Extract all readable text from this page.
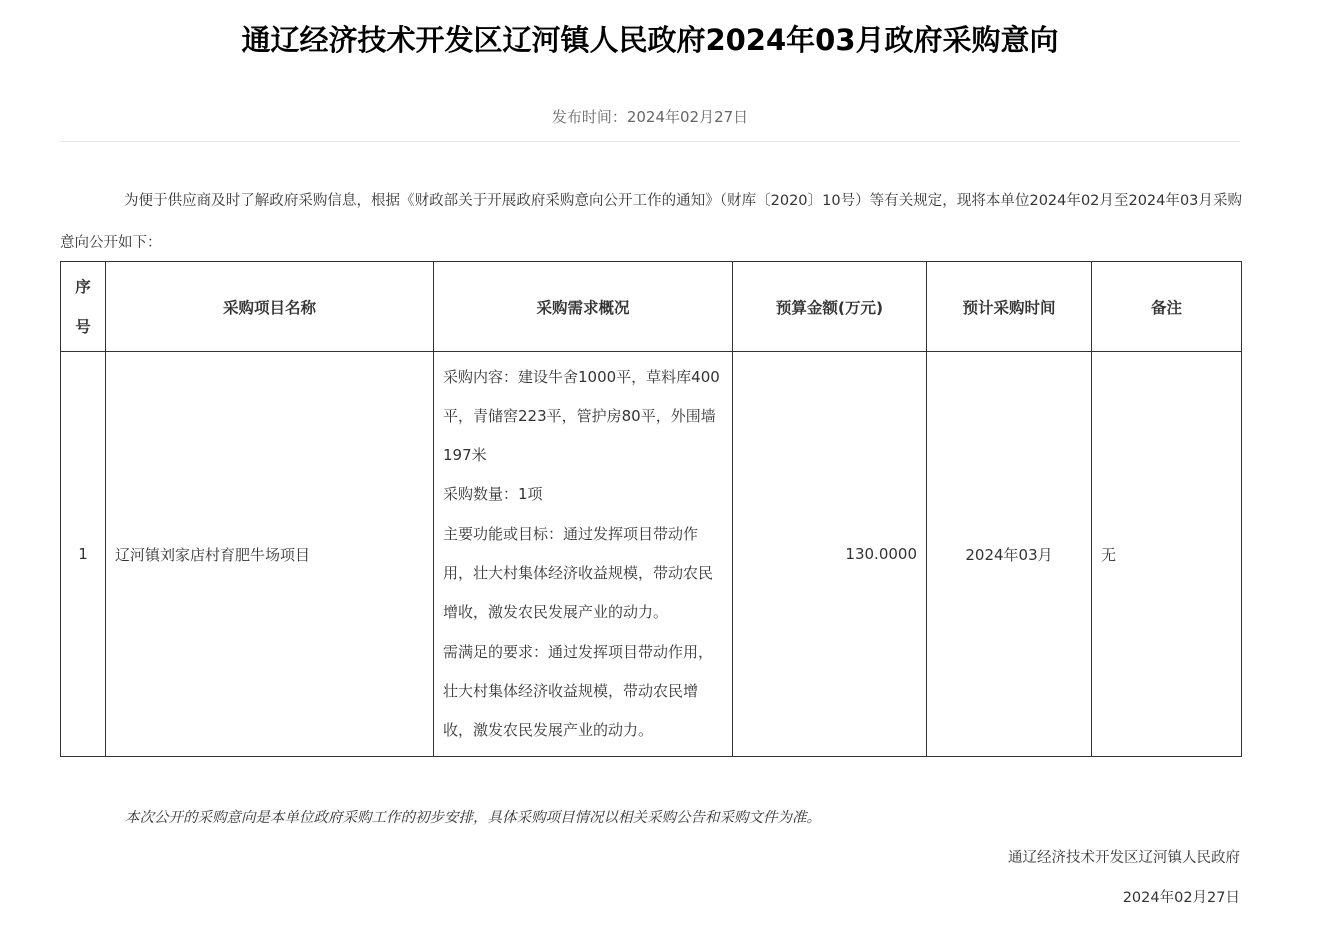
通辽经济技术开发区辽河镇人民政府2024年03月政府采购意向
发布时间：2024年02月27日

为便于供应商及时了解政府采购信息，根据《财政部关于开展政府采购意向公开工作的通知》（财库〔2020〕10号）等有关规定，现将本单位2024年02月至2024年03月采购意向公开如下：

序
号	采购项目名称	采购需求概况	预算金额(万元)	预计采购时间	备注
1	辽河镇刘家店村育肥牛场项目	采购内容：建设牛舍1000平，草料库400平，青储窖223平，管护房80平，外围墙197米

采购数量：1项

主要功能或目标：通过发挥项目带动作用，壮大村集体经济收益规模，带动农民增收，激发农民发展产业的动力。

需满足的要求：通过发挥项目带动作用，壮大村集体经济收益规模，带动农民增收，激发农民发展产业的动力。	130.0000	2024年03月	无
本次公开的采购意向是本单位政府采购工作的初步安排，具体采购项目情况以相关采购公告和采购文件为准。
通辽经济技术开发区辽河镇人民政府
2024年02月27日
